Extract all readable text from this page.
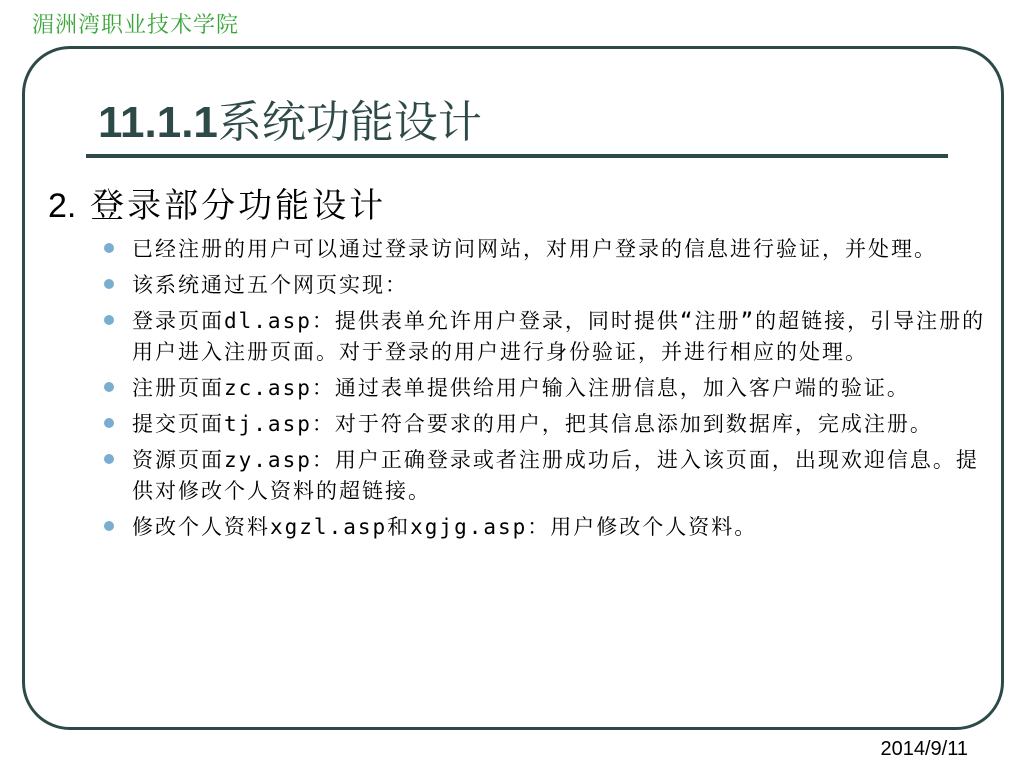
湄洲湾职业技术学院
11.1.1系统功能设计
2. 登录部分功能设计
已经注册的用户可以通过登录访问网站，对用户登录的信息进行验证，并处理。
该系统通过五个网页实现：
登录页面dl.asp：提供表单允许用户登录，同时提供“注册”的超链接，引导注册的用户进入注册页面。对于登录的用户进行身份验证，并进行相应的处理。
注册页面zc.asp：通过表单提供给用户输入注册信息，加入客户端的验证。
提交页面tj.asp：对于符合要求的用户，把其信息添加到数据库，完成注册。
资源页面zy.asp：用户正确登录或者注册成功后，进入该页面，出现欢迎信息。提供对修改个人资料的超链接。
修改个人资料xgzl.asp和xgjg.asp：用户修改个人资料。
2014/9/11
